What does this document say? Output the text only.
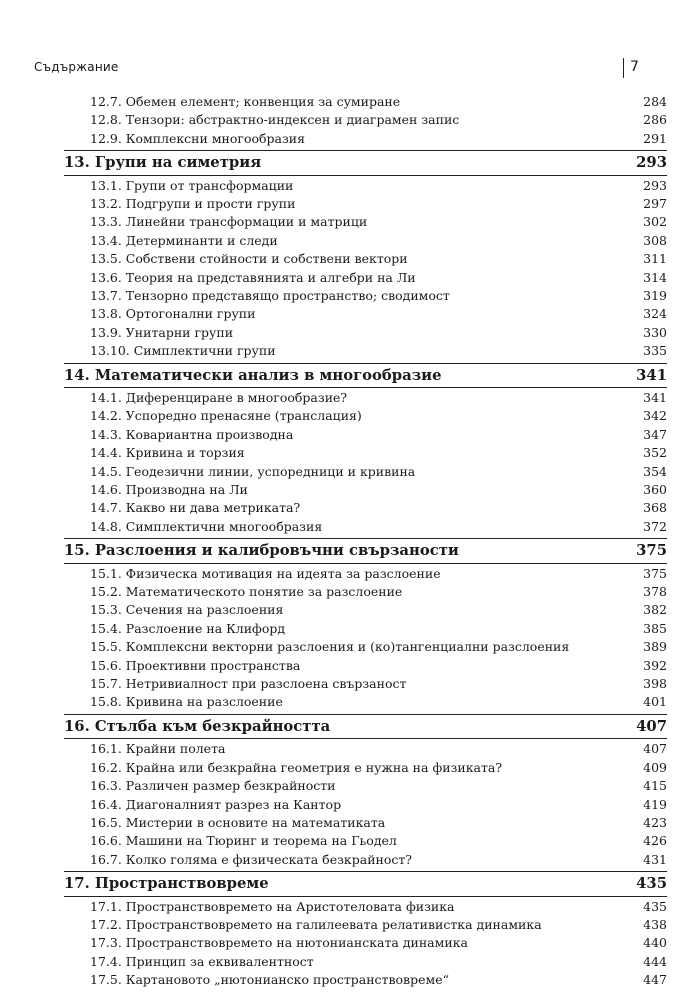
Съдържание	7
12.7. Обемен елемент; конвенция за сумиране	284
12.8. Тензори: абстрактно-индексен и диаграмен запис	286
12.9. Комплексни многообразия	291
13. Групи на симетрия	293
13.1. Групи от трансформации	293
13.2. Подгрупи и прости групи	297
13.3. Линейни трансформации и матрици	302
13.4. Детерминанти и следи	308
13.5. Собствени стойности и собствени вектори	311
13.6. Теория на представянията и алгебри на Ли	314
13.7. Тензорно представящо пространство; сводимост	319
13.8. Ортогонални групи	324
13.9. Унитарни групи	330
13.10. Симплектични групи	335
14. Математически анализ в многообразие	341
14.1. Диференциране в многообразие?	341
14.2. Успоредно пренасяне (транслация)	342
14.3. Ковариантна производна	347
14.4. Кривина и торзия	352
14.5. Геодезични линии, успоредници и кривина	354
14.6. Производна на Ли	360
14.7. Какво ни дава метриката?	368
14.8. Симплектични многообразия	372
15. Разслоения и калибровъчни свързаности	375
15.1. Физическа мотивация на идеята за разслоение	375
15.2. Математическото понятие за разслоение	378
15.3. Сечения на разслоения	382
15.4. Разслоение на Клифорд	385
15.5. Комплексни векторни разслоения и (ко)тангенциални разслоения	389
15.6. Проективни пространства	392
15.7. Нетривиалност при разслоена свързаност	398
15.8. Кривина на разслоение	401
16. Стълба към безкрайността	407
16.1. Крайни полета	407
16.2. Крайна или безкрайна геометрия е нужна на физиката?	409
16.3. Различен размер безкрайности	415
16.4. Диагоналният разрез на Кантор	419
16.5. Мистерии в основите на математиката	423
16.6. Машини на Тюринг и теорема на Гьодел	426
16.7. Колко голяма е физическата безкрайност?	431
17. Пространствовреме	435
17.1. Пространствовремето на Аристотеловата физика	435
17.2. Пространствовремето на галилеевата релативистка динамика	438
17.3. Пространствовремето на нютонианската динамика	440
17.4. Принцип за еквивалентност	444
17.5. Картановото „нютонианско пространствовреме“	447
